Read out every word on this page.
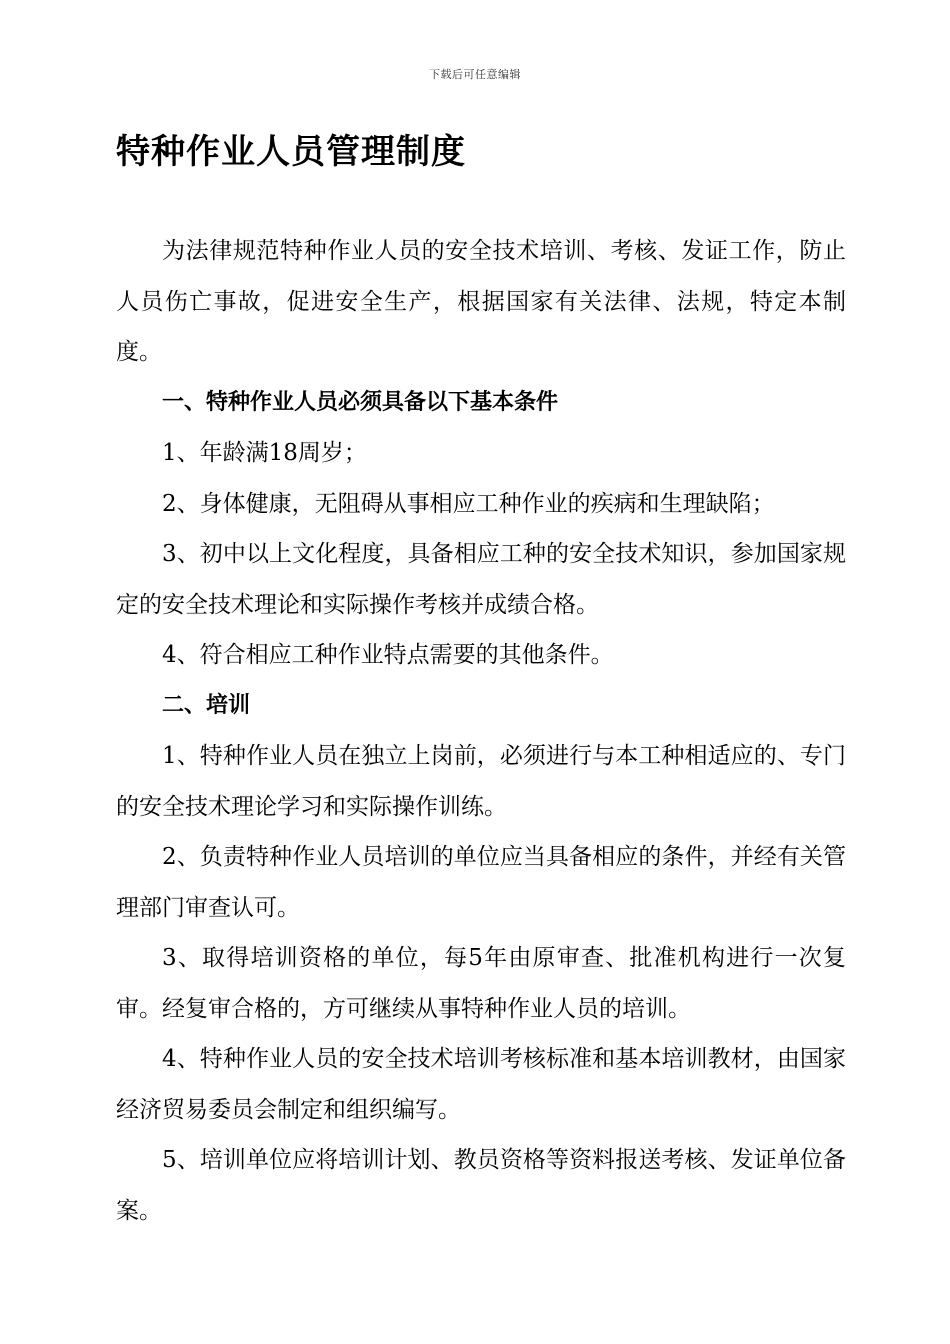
下载后可任意编辑
特种作业人员管理制度

为法律规范特种作业人员的安全技术培训、考核、发证工作，防止人员伤亡事故，促进安全生产，根据国家有关法律、法规，特定本制度。

一、特种作业人员必须具备以下基本条件

1、年龄满18周岁；

2、身体健康，无阻碍从事相应工种作业的疾病和生理缺陷；

3、初中以上文化程度，具备相应工种的安全技术知识，参加国家规定的安全技术理论和实际操作考核并成绩合格。

4、符合相应工种作业特点需要的其他条件。

二、培训

1、特种作业人员在独立上岗前，必须进行与本工种相适应的、专门的安全技术理论学习和实际操作训练。

2、负责特种作业人员培训的单位应当具备相应的条件，并经有关管理部门审查认可。

3、取得培训资格的单位，每5年由原审查、批准机构进行一次复审。经复审合格的，方可继续从事特种作业人员的培训。

4、特种作业人员的安全技术培训考核标准和基本培训教材，由国家经济贸易委员会制定和组织编写。

5、培训单位应将培训计划、教员资格等资料报送考核、发证单位备案。
